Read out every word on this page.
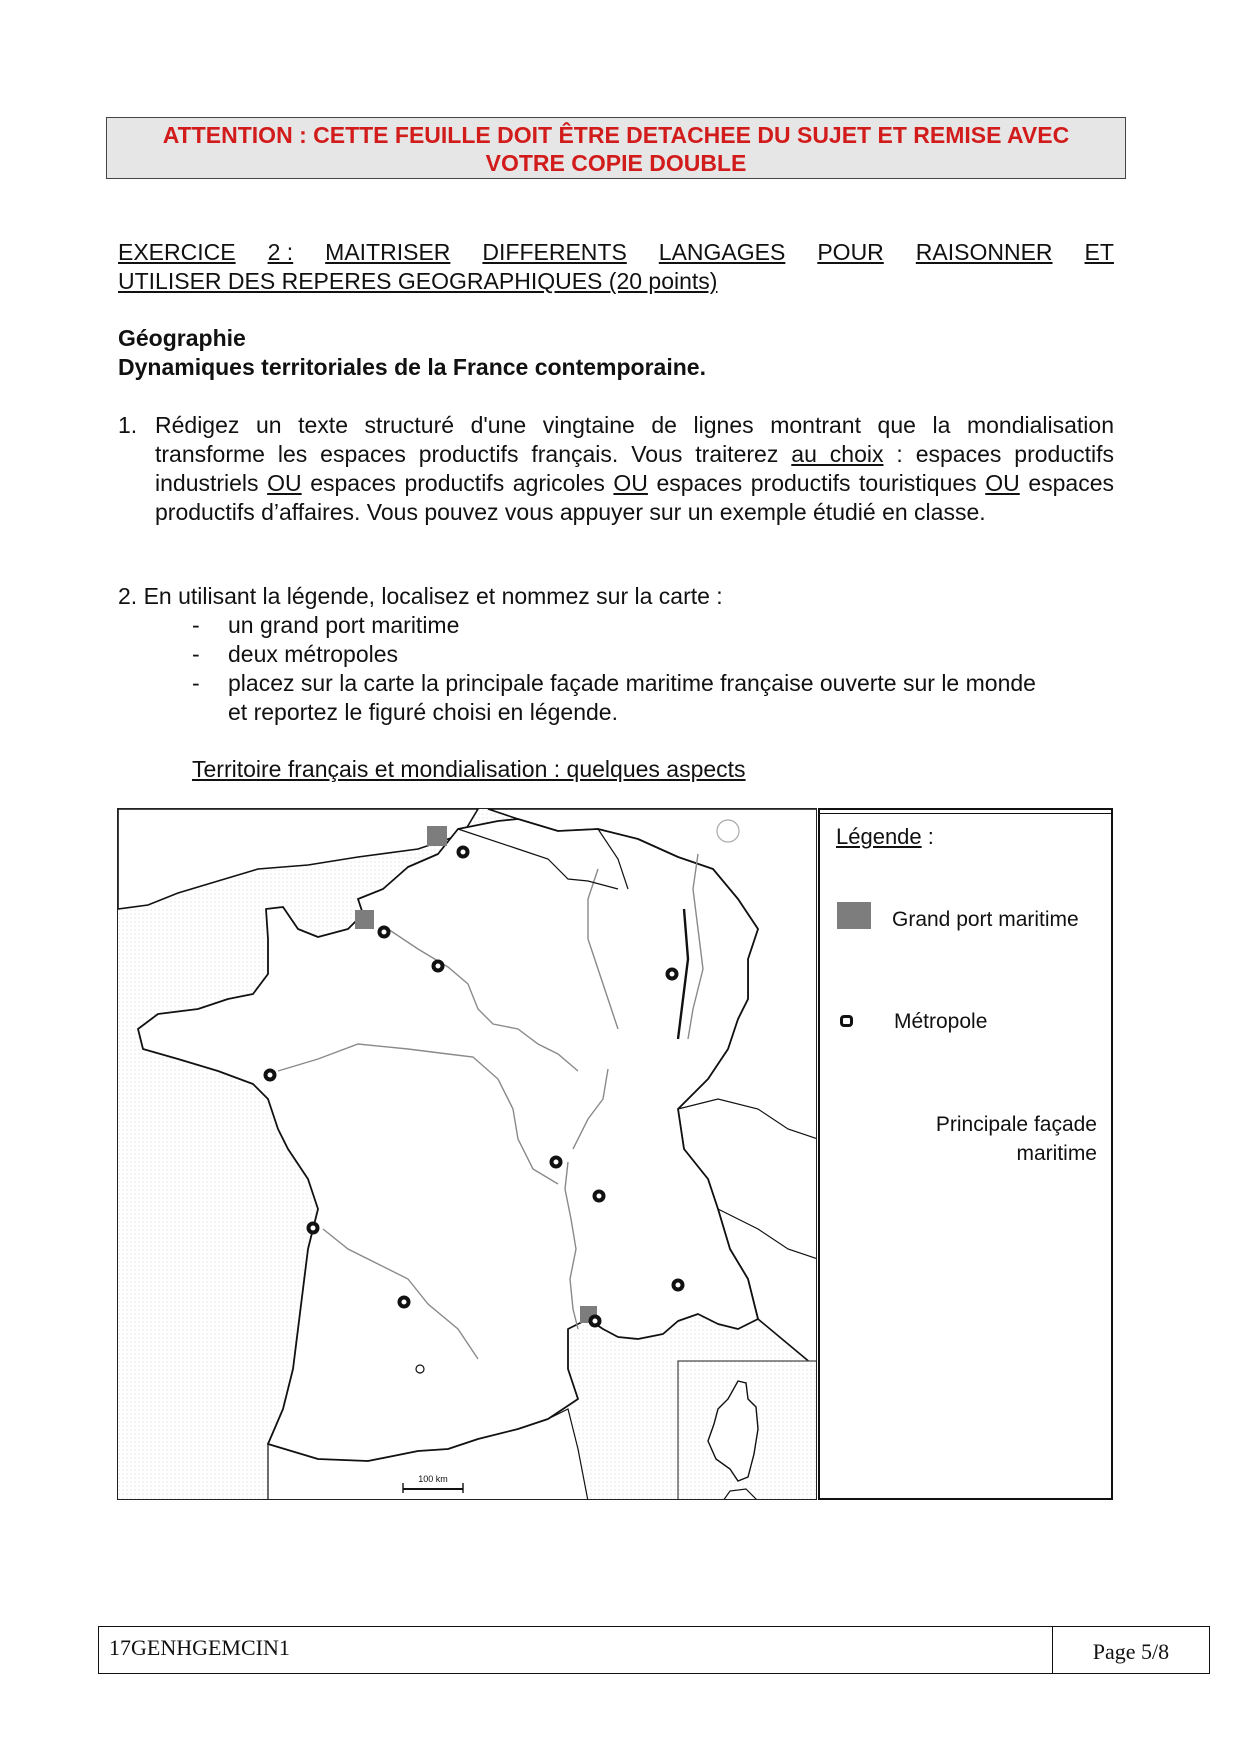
ATTENTION : CETTE FEUILLE DOIT ÊTRE DETACHEE DU SUJET ET REMISE AVEC
VOTRE COPIE DOUBLE
EXERCICE 2 : MAITRISER DIFFERENTS LANGAGES POUR RAISONNER ET
UTILISER DES REPERES GEOGRAPHIQUES (20 points)
Géographie
Dynamiques territoriales de la France contemporaine.
1. Rédigez un texte structuré d'une vingtaine de lignes montrant que la mondialisation transforme les espaces productifs français. Vous traiterez au choix : espaces productifs industriels OU espaces productifs agricoles OU espaces productifs touristiques OU espaces productifs d’affaires. Vous pouvez vous appuyer sur un exemple étudié en classe.
2. En utilisant la légende, localisez et nommez sur la carte :
- un grand port maritime
- deux métropoles
- placez sur la carte la principale façade maritime française ouverte sur le monde
et reportez le figuré choisi en légende.
Territoire français et mondialisation : quelques aspects
100 km
Légende :
Grand port maritime
Métropole
Principale façade
maritime
17GENHGEMCIN1	Page 5/8
